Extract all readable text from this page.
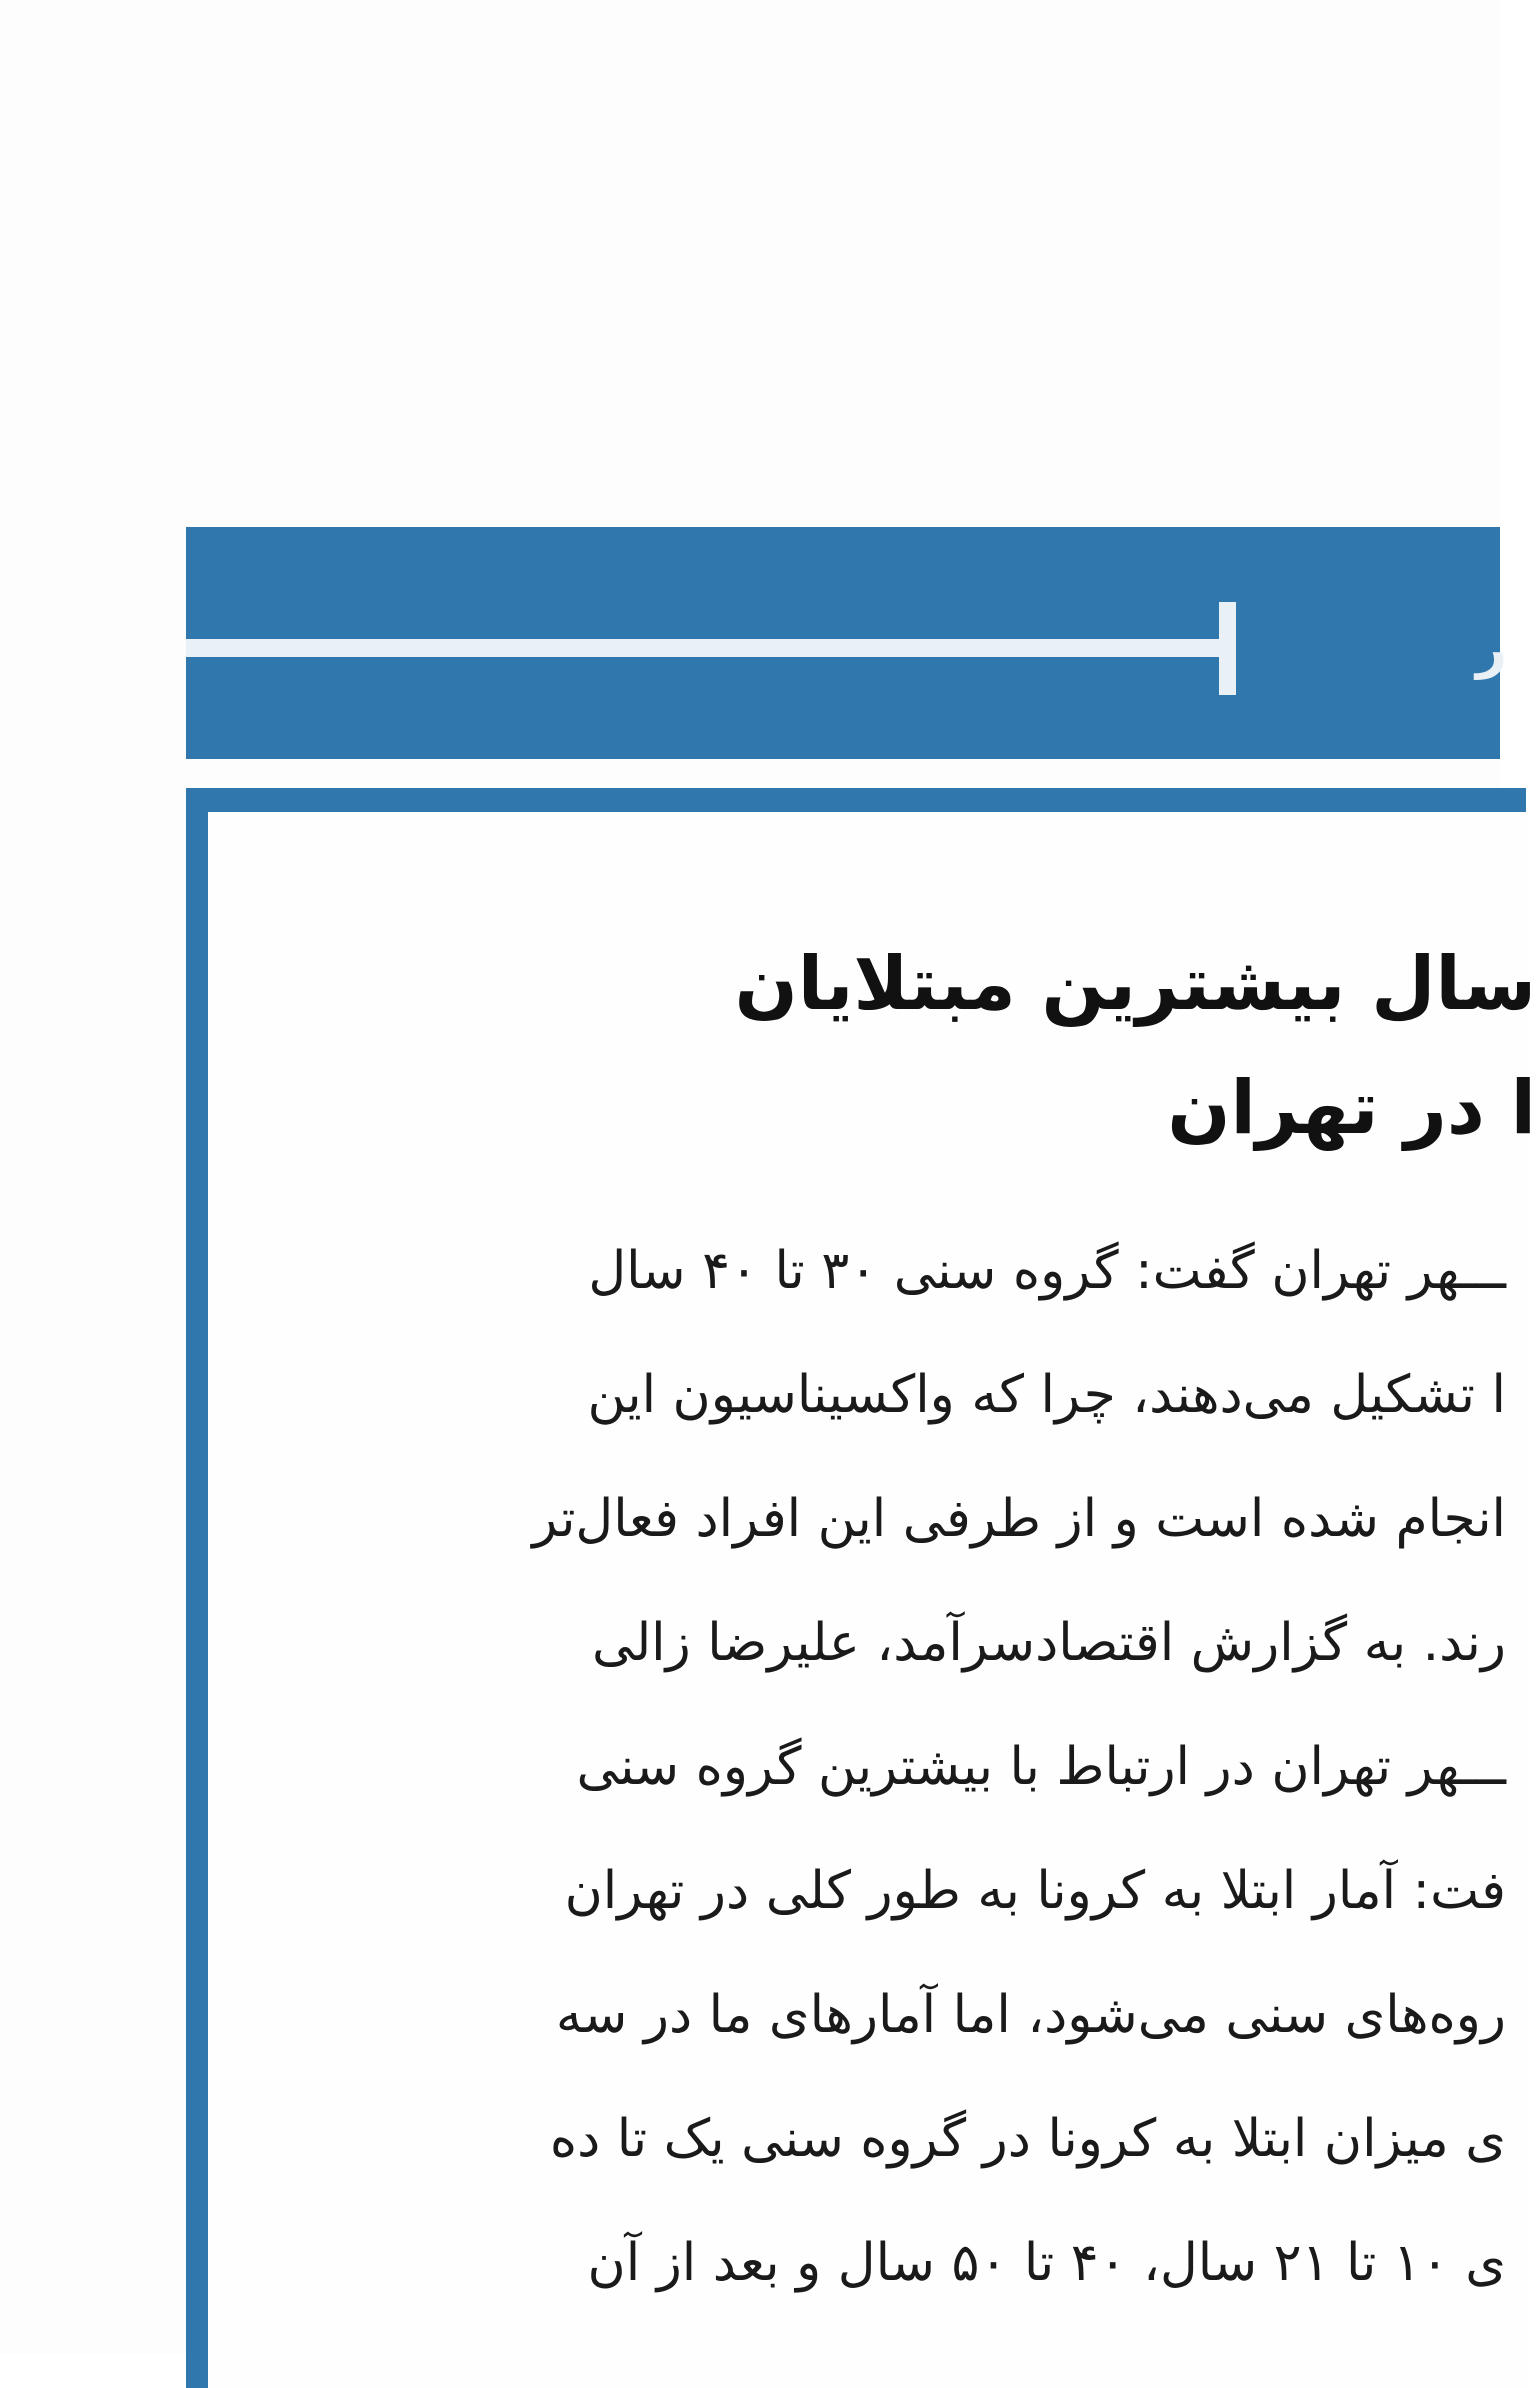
ر
سال بیشترین مبتلایان
ا در تهران
ـــهر تهران گفت: گروه سنی ۳۰ تا ۴۰ سال
ا تشکیل می‌دهند، چرا که واکسیناسیون این
انجام شده است و از طرفی این افراد فعال‌تر
رند. به گزارش اقتصادسرآمد، علیرضا زالی
ـــهر تهران در ارتباط با بیشترین گروه سنی
فت: آمار ابتلا به کرونا به طور کلی در تهران
روه‌های سنی می‌شود، اما آمارهای ما در سه
ی میزان ابتلا به کرونا در گروه سنی یک تا ده
ی ۱۰ تا ۲۱ سال، ۴۰ تا ۵۰ سال و بعد از آن
